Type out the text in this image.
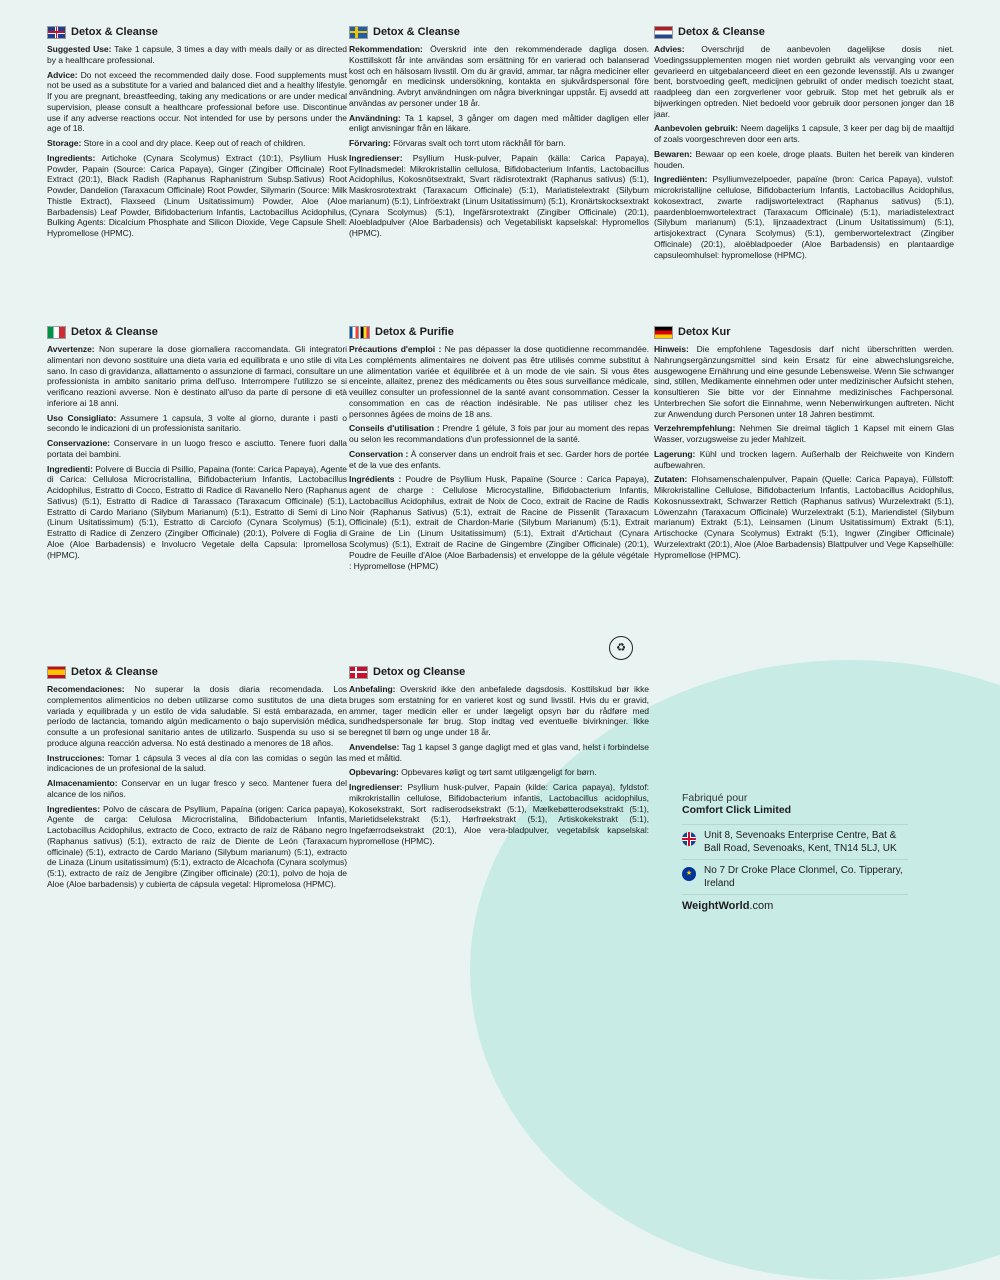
Detox & Cleanse

Suggested Use: Take 1 capsule, 3 times a day with meals daily or as directed by a healthcare professional.

Advice: Do not exceed the recommended daily dose. Food supplements must not be used as a substitute for a varied and balanced diet and a healthy lifestyle. If you are pregnant, breastfeeding, taking any medications or are under medical supervision, please consult a healthcare professional before use. Discontinue use if any adverse reactions occur. Not intended for use by persons under the age of 18.

Storage: Store in a cool and dry place. Keep out of reach of children.

Ingredients: Artichoke (Cynara Scolymus) Extract (10:1), Psyllium Husk Powder, Papain (Source: Carica Papaya), Ginger (Zingiber Officinale) Root Extract (20:1), Black Radish (Raphanus Raphanistrum Subsp.Sativus) Root Powder, Dandelion (Taraxacum Officinale) Root Powder, Silymarin (Source: Milk Thistle Extract), Flaxseed (Linum Usitatissimum) Powder, Aloe (Aloe Barbadensis) Leaf Powder, Bifidobacterium Infantis, Lactobacillus Acidophilus, Bulking Agents: Dicalcium Phosphate and Silicon Dioxide, Vege Capsule Shell: Hypromellose (HPMC).

Detox & Cleanse

Rekommendation: Överskrid inte den rekommenderade dagliga dosen. Kosttillskott får inte användas som ersättning för en varierad och balanserad kost och en hälsosam livsstil. Om du är gravid, ammar, tar några mediciner eller genomgår en medicinsk undersökning, kontakta en sjukvårdspersonal före användning. Avbryt användningen om några biverkningar uppstår. Ej avsedd att användas av personer under 18 år.

Användning: Ta 1 kapsel, 3 gånger om dagen med måltider dagligen eller enligt anvisningar från en läkare.

Förvaring: Förvaras svalt och torrt utom räckhåll för barn.

Ingredienser: Psyllium Husk-pulver, Papain (källa: Carica Papaya), Fyllnadsmedel: Mikrokristallin cellulosa, Bifidobacterium Infantis, Lactobacillus Acidophilus, Kokosnötsextrakt, Svart rädisrotextrakt (Raphanus sativus) (5:1), Maskrosrotextrakt (Taraxacum Officinale) (5:1), Mariatistelextrakt (Silybum marianum) (5:1), Linfröextrakt (Linum Usitatissimum) (5:1), Kronärtskocksextrakt (Cynara Scolymus) (5:1), Ingefärsrotextrakt (Zingiber Officinale) (20:1), Aloebladpulver (Aloe Barbadensis) och Vegetabiliskt kapselskal: Hypromellos (HPMC).

Detox & Cleanse

Advies: Overschrijd de aanbevolen dagelijkse dosis niet. Voedingssupplementen mogen niet worden gebruikt als vervanging voor een gevarieerd en uitgebalanceerd dieet en een gezonde levensstijl. Als u zwanger bent, borstvoeding geeft, medicijnen gebruikt of onder medisch toezicht staat, raadpleeg dan een zorgverlener voor gebruik. Stop met het gebruik als er bijwerkingen optreden. Niet bedoeld voor gebruik door personen jonger dan 18 jaar.

Aanbevolen gebruik: Neem dagelijks 1 capsule, 3 keer per dag bij de maaltijd of zoals voorgeschreven door een arts.

Bewaren: Bewaar op een koele, droge plaats. Buiten het bereik van kinderen houden.

Ingrediënten: Psylliumvezelpoeder, papaïne (bron: Carica Papaya), vulstof: microkristallijne cellulose, Bifidobacterium Infantis, Lactobacillus Acidophilus, kokosextract, zwarte radijswortelextract (Raphanus sativus) (5:1), paardenbloemwortelextract (Taraxacum Officinale) (5:1), mariadistelextract (Silybum marianum) (5:1), lijnzaadextract (Linum Usitatissimum) (5:1), artisjokextract (Cynara Scolymus) (5:1), gemberwortelextract (Zingiber Officinale) (20:1), aloëbladpoeder (Aloe Barbadensis) en plantaardige capsuleomhulsel: hypromellose (HPMC).

Detox & Cleanse

Avvertenze: Non superare la dose giornaliera raccomandata. Gli integratori alimentari non devono sostituire una dieta varia ed equilibrata e uno stile di vita sano. In caso di gravidanza, allattamento o assunzione di farmaci, consultare un professionista in ambito sanitario prima dell'uso. Interrompere l'utilizzo se si verificano reazioni avverse. Non è destinato all'uso da parte di persone di età inferiore ai 18 anni.

Uso Consigliato: Assumere 1 capsula, 3 volte al giorno, durante i pasti o secondo le indicazioni di un professionista sanitario.

Conservazione: Conservare in un luogo fresco e asciutto. Tenere fuori dalla portata dei bambini.

Ingredienti: Polvere di Buccia di Psillio, Papaina (fonte: Carica Papaya), Agente di Carica: Cellulosa Microcristallina, Bifidobacterium Infantis, Lactobacillus Acidophilus, Estratto di Cocco, Estratto di Radice di Ravanello Nero (Raphanus Sativus) (5:1), Estratto di Radice di Tarassaco (Taraxacum Officinale) (5:1), Estratto di Cardo Mariano (Silybum Marianum) (5:1), Estratto di Semi di Lino (Linum Usitatissimum) (5:1), Estratto di Carciofo (Cynara Scolymus) (5:1), Estratto di Radice di Zenzero (Zingiber Officinale) (20:1), Polvere di Foglia di Aloe (Aloe Barbadensis) e Involucro Vegetale della Capsula: Ipromellosa (HPMC).

Detox & Purifie

Précautions d'emploi : Ne pas dépasser la dose quotidienne recommandée. Les compléments alimentaires ne doivent pas être utilisés comme substitut à une alimentation variée et équilibrée et à un mode de vie sain. Si vous êtes enceinte, allaitez, prenez des médicaments ou êtes sous surveillance médicale, veuillez consulter un professionnel de la santé avant consommation. Cesser la consommation en cas de réaction indésirable. Ne pas utiliser chez les personnes âgées de moins de 18 ans.

Conseils d'utilisation : Prendre 1 gélule, 3 fois par jour au moment des repas ou selon les recommandations d'un professionnel de la santé.

Conservation : À conserver dans un endroit frais et sec. Garder hors de portée et de la vue des enfants.

Ingrédients : Poudre de Psyllium Husk, Papaïne (Source : Carica Papaya), agent de charge : Cellulose Microcystalline, Bifidobacterium Infantis, Lactobacillus Acidophilus, extrait de Noix de Coco, extrait de Racine de Radis Noir (Raphanus Sativus) (5:1), extrait de Racine de Pissenlit (Taraxacum Officinale) (5:1), extrait de Chardon-Marie (Silybum Marianum) (5:1), Extrait Graine de Lin (Linum Usitatissimum) (5:1), Extrait d'Artichaut (Cynara Scolymus) (5:1), Extrait de Racine de Gingembre (Zingiber Officinale) (20:1), Poudre de Feuille d'Aloe (Aloe Barbadensis) et enveloppe de la gélule végétale : Hypromellose (HPMC)

♻
Detox Kur

Hinweis: Die empfohlene Tagesdosis darf nicht überschritten werden. Nahrungsergänzungsmittel sind kein Ersatz für eine abwechslungsreiche, ausgewogene Ernährung und eine gesunde Lebensweise. Wenn Sie schwanger sind, stillen, Medikamente einnehmen oder unter medizinischer Aufsicht stehen, konsultieren Sie bitte vor der Einnahme medizinisches Fachpersonal. Unterbrechen Sie sofort die Einnahme, wenn Nebenwirkungen auftreten. Nicht zur Anwendung durch Personen unter 18 Jahren bestimmt.

Verzehrempfehlung: Nehmen Sie dreimal täglich 1 Kapsel mit einem Glas Wasser, vorzugsweise zu jeder Mahlzeit.

Lagerung: Kühl und trocken lagern. Außerhalb der Reichweite von Kindern aufbewahren.

Zutaten: Flohsamenschalenpulver, Papain (Quelle: Carica Papaya), Füllstoff: Mikrokristalline Cellulose, Bifidobacterium Infantis, Lactobacillus Acidophilus, Kokosnussextrakt, Schwarzer Rettich (Raphanus sativus) Wurzelextrakt (5:1), Löwenzahn (Taraxacum Officinale) Wurzelextrakt (5:1), Mariendistel (Silybum marianum) Extrakt (5:1), Leinsamen (Linum Usitatissimum) Extrakt (5:1), Artischocke (Cynara Scolymus) Extrakt (5:1), Ingwer (Zingiber Officinale) Wurzelextrakt (20:1), Aloe (Aloe Barbadensis) Blattpulver und Vege Kapselhülle: Hypromellose (HPMC).

Detox & Cleanse

Recomendaciones: No superar la dosis diaria recomendada. Los complementos alimenticios no deben utilizarse como sustitutos de una dieta variada y equilibrada y un estilo de vida saludable. Si está embarazada, en período de lactancia, tomando algún medicamento o bajo supervisión médica, consulte a un profesional sanitario antes de utilizarlo. Suspenda su uso si se produce alguna reacción adversa. No está destinado a menores de 18 años.

Instrucciones: Tomar 1 cápsula 3 veces al día con las comidas o según las indicaciones de un profesional de la salud.

Almacenamiento: Conservar en un lugar fresco y seco. Mantener fuera del alcance de los niños.

Ingredientes: Polvo de cáscara de Psyllium, Papaína (origen: Carica papaya), Agente de carga: Celulosa Microcristalina, Bifidobacterium Infantis, Lactobacillus Acidophilus, extracto de Coco, extracto de raíz de Rábano negro (Raphanus sativus) (5:1), extracto de raíz de Diente de León (Taraxacum officinale) (5:1), extracto de Cardo Mariano (Silybum marianum) (5:1), extracto de Linaza (Linum usitatissimum) (5:1), extracto de Alcachofa (Cynara scolymus) (5:1), extracto de raíz de Jengibre (Zingiber officinale) (20:1), polvo de hoja de Aloe (Aloe barbadensis) y cubierta de cápsula vegetal: Hipromelosa (HPMC).

Detox og Cleanse

Anbefaling: Overskrid ikke den anbefalede dagsdosis. Kosttilskud bør ikke bruges som erstatning for en varieret kost og sund livsstil. Hvis du er gravid, ammer, tager medicin eller er under lægeligt opsyn bør du rådføre med sundhedspersonale før brug. Stop indtag ved eventuelle bivirkninger. Ikke beregnet til børn og unge under 18 år.

Anvendelse: Tag 1 kapsel 3 gange dagligt med et glas vand, helst i forbindelse med et måltid.

Opbevaring: Opbevares køligt og tørt samt utilgængeligt for børn.

Ingredienser: Psyllium husk-pulver, Papain (kilde: Carica papaya), fyldstof: mikrokristallin cellulose, Bifidobacterium infantis, Lactobacillus acidophilus, Kokosekstrakt, Sort radiserodsekstrakt (5:1), Mælkebøtterodsekstrakt (5:1), Marietidselekstrakt (5:1), Hørfrøekstrakt (5:1), Artiskokekstrakt (5:1), Ingefærrodsekstrakt (20:1), Aloe vera-bladpulver, vegetabilsk kapselskal: hypromellose (HPMC).

Fabriqué pour
Comfort Click Limited
Unit 8, Sevenoaks Enterprise Centre, Bat & Ball Road, Sevenoaks, Kent, TN14 5LJ, UK
★	No 7 Dr Croke Place Clonmel, Co. Tipperary, Ireland
WeightWorld.com
